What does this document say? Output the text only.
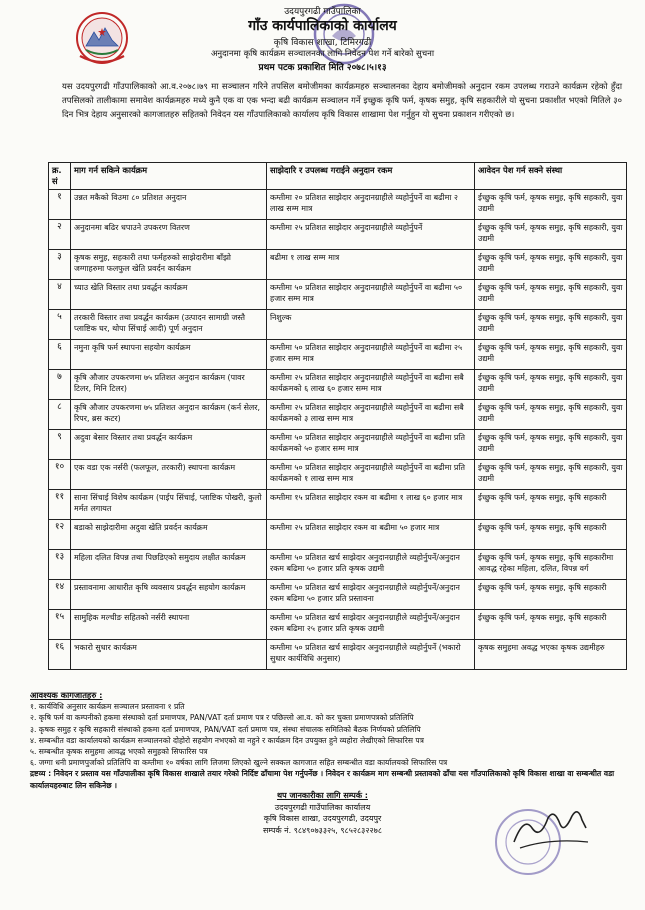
उदयपुरगढी गाउँपालिका
गाँउ कार्यपालिकाको कार्यालय
कृषि विकास शाखा, टिमिरगढी
अनुदानमा कृषि कार्यक्रम सञ्चालनका लागि निवेदन पेश गर्ने बारेको सुचना
प्रथम पटक प्रकाशित मिति २०७८।५।१३
यस उदयपुरगढी गाँउपालिकाको आ.व.२०७८।७९ मा सञ्चालन गरिने तपसिल बमोजीमका कार्यक्रमहरु सञ्चालनका देहाय बमोजीमको अनुदान रकम उपलब्ध गराउने कार्यक्रम रहेको हुँदा तपसिलको तालीकामा समावेश कार्यक्रमहरु मध्ये कुनै एक वा एक भन्दा बढी कार्यक्रम सञ्चालन गर्ने इच्छुक कृषि फर्म, कृषक समुह, कृषि सहकारीले यो सुचना प्रकाशीत भएको मितिले ३० दिन भित्र देहाय अनुसारको कागजातहरु सहितको निवेदन यस गाँउपालिकाको कार्यालय कृषि विकास शाखामा पेश गर्नुहुन यो सुचना प्रकाशन गरीएको छ।
क्र. सं	माग गर्न सकिने कार्यक्रम	साझेदारि र उपलब्ध गराईने अनुदान रकम	आवेदन पेश गर्न सक्ने संस्था
१	उन्नत मकैको विउमा ८० प्रतिशत अनुदान	कम्तीमा २० प्रतिशत साझेदार अनुदानग्राहीले व्यहोर्नुपर्ने वा बढीमा २ लाख सम्म मात्र	ईच्छुक कृषि फर्म, कृषक समुह, कृषि सहकारी, युवा उद्यमी
२	अनुदानमा बढिर धपाउने उपकरण वितरण	कम्तीमा २५ प्रतिशत साझेदार अनुदानग्राहीले व्यहोर्नुपर्ने	ईच्छुक कृषि फर्म, कृषक समुह, कृषि सहकारी, युवा उद्यमी
३	कृषक समुह, सहकारी तथा फर्महरुको साझेदारीमा बाँझो जग्गाहरुमा फलफुल खेति प्रवर्दन कार्यक्रम	बढीमा १ लाख सम्म मात्र	ईच्छुक कृषि फर्म, कृषक समुह, कृषि सहकारी, युवा उद्यमी
४	च्याउ खेति विस्तार तथा प्रवर्द्धन कार्यक्रम	कम्तीमा ५० प्रतिशत साझेदार अनुदानग्राहीले व्यहोर्नुपर्ने वा बढीमा ५० हजार सम्म मात्र	ईच्छुक कृषि फर्म, कृषक समुह, कृषि सहकारी, युवा उद्यमी
५	तरकारी विस्तार तथा प्रवर्द्धन कार्यक्रम (उत्पादन सामाग्री जस्तै प्लाष्टिक घर, थोपा सिंचाई आदी) पूर्ण अनुदान	निशुल्क	ईच्छुक कृषि फर्म, कृषक समुह, कृषि सहकारी, युवा उद्यमी
६	नमुना कृषि फर्म स्थापना सहयोग कार्यक्रम	कम्तीमा ५० प्रतिशत साझेदार अनुदानग्राहीले व्यहोर्नुपर्ने वा बढीमा २५ हजार सम्म मात्र	ईच्छुक कृषि फर्म, कृषक समुह, कृषि सहकारी, युवा उद्यमी
७	कृषि औजार उपकरणमा ७५ प्रतिशत अनुदान कार्यक्रम (पावर टिलर, मिनि टिलर)	कम्तीमा २५ प्रतिशत साझेदार अनुदानग्राहीले व्यहोर्नुपर्ने वा बढीमा सबै कार्यक्रमको ६ लाख ६० हजार सम्म मात्र	ईच्छुक कृषि फर्म, कृषक समुह, कृषि सहकारी, युवा उद्यमी
८	कृषि औजार उपकरणमा ७५ प्रतिशत अनुदान कार्यक्रम (कर्न सेलर, रिपर, ब्रस कटर)	कम्तीमा २५ प्रतिशत साझेदार अनुदानग्राहीले व्यहोर्नुपर्ने वा बढीमा सबै कार्यक्रमको ३ लाख सम्म मात्र	ईच्छुक कृषि फर्म, कृषक समुह, कृषि सहकारी, युवा उद्यमी
९	अदुवा बेसार विस्तार तथा प्रवर्द्धन कार्यक्रम	कम्तीमा ५० प्रतिशत साझेदार अनुदानग्राहीले व्यहोर्नुपर्ने वा बढीमा प्रति कार्यक्रमको ५० हजार सम्म मात्र	ईच्छुक कृषि फर्म, कृषक समुह, कृषि सहकारी, युवा उद्यमी
१०	एक वडा एक नर्सरी (फलफूल, तरकारी) स्थापना कार्यक्रम	कम्तीमा ५० प्रतिशत साझेदार अनुदानग्राहीले व्यहोर्नुपर्ने वा बढीमा प्रति कार्यक्रमको १ लाख सम्म मात्र	ईच्छुक कृषि फर्म, कृषक समुह, कृषि सहकारी, युवा उद्यमी
११	साना सिंचाई विशेष कार्यक्रम (पाईप सिंचाई, प्लाष्टिक पोखरी, कुलो मर्मत लगायत	कम्तीमा १५ प्रतिशत साझेदार रकम वा बढीमा १ लाख ६० हजार मात्र	ईच्छुक कृषि फर्म, कृषक समुह, कृषि सहकारी
१२	बडाको साझेदारीमा अदुवा खेति प्रवर्दन कार्यक्रम	कम्तीमा २५ प्रतिशत साझेदार रकम वा बढीमा ५० हजार मात्र	ईच्छुक कृषि फर्म, कृषक समुह, कृषि सहकारी
१३	महिला दलित विपन्न तथा पिछडिएको समुदाय लक्षीत कार्यक्रम	कम्तीमा ५० प्रतिशत खर्च साझेदार अनुदानग्राहीले व्यहोर्नुपर्ने/अनुदान रकम बढिमा ५० हजार प्रति कृषक उद्यमी	ईच्छुक कृषि फर्म, कृषक समुह, कृषि सहकारीमा आवद्ध रहेका महिला, दलित, विपन्न वर्ग
१४	प्रस्तावनामा आधारीत कृषि व्यवसाय प्रवर्द्धन सहयोग कार्यक्रम	कम्तीमा ५० प्रतिशत खर्च साझेदार अनुदानग्राहीले व्यहोर्नुपर्ने/अनुदान रकम बढिमा ५० हजार प्रति प्रस्तावना	ईच्छुक कृषि फर्म, कृषक समुह, कृषि सहकारी
१५	सामुहिक मल्चीङ सहितको नर्सरी स्थापना	कम्तीमा ५० प्रतिशत खर्च साझेदार अनुदानग्राहीले व्यहोर्नुपर्ने/अनुदान रकम बढिमा २५ हजार प्रति कृषक उद्यमी	ईच्छुक कृषि फर्म, कृषक समुह, कृषि सहकारी
१६	भकारो सुधार कार्यक्रम	कम्तीमा ५० प्रतिशत खर्च साझेदार अनुदानग्राहीले व्यहोर्नुपर्ने (भकारो सुधार कार्यविधि अनुसार)	कृषक समुहमा अवद्ध भएका कृषक उद्यमीहरु
आवश्यक कागजातहरु :
१. कार्यविधि अनुसार कार्यक्रम सञ्चालन प्रस्तावना १ प्रति
२. कृषि फर्म वा कम्पनीको हकमा संस्थाको दर्ता प्रमाणपत्र, PAN/VAT दर्ता प्रमाण पत्र र पछिल्लो आ.व. को कर चुक्ता प्रमाणपत्रको प्रतिलिपि
३. कृषक समुह र कृषि सहकारी संस्थाको हकमा दर्ता प्रमाणपत्र, PAN/VAT दर्ता प्रमाण पत्र, संस्था संचालक समितिको बैठक निर्णयको प्रतिलिपि
४. सम्बन्धीत वडा कार्यालयको कार्यक्रम सञ्चालनको दोहोरो सहयोग नभएको वा नहुने र कार्यक्रम दिन उपयुक्त हुने व्यहोरा लेखीएको सिफारिस पत्र
५. सम्बन्धीत कृषक समुहमा आवद्ध भएको समुहको सिफारिस पत्र
६. जग्गा धनी प्रमाणपुर्जाको प्रतिलिपि वा कम्तीमा १० वर्षका लागि लिजमा लिएको खुल्ने सक्कल कागजात सहित सम्बन्धीत वडा कार्यालयको सिफारिस पत्र
द्रष्टव्य : निवेदन र प्रस्ताव यस गाँउपालीका कृषि विकास शाखाले तयार गरेको निर्दिष्ट ढाँचामा पेश गर्नुपर्नेछ । निवेदन र कार्यक्रम माग सम्बन्धी प्रस्तावको ढाँचा यस गाँउपालिकाको कृषि विकास शाखा वा सम्बन्धीत वडा कार्यालयहरुबाट लिन सकिनेछ ।
थप जानकारीका लागि सम्पर्क :
उदयपुरगढी गाउँपालिका कार्यालय
कृषि विकास शाखा, उदयपुरगढी, उदयपुर
सम्पर्क नं. ९८४९०७३३२५, ९८५२८३२२७८
